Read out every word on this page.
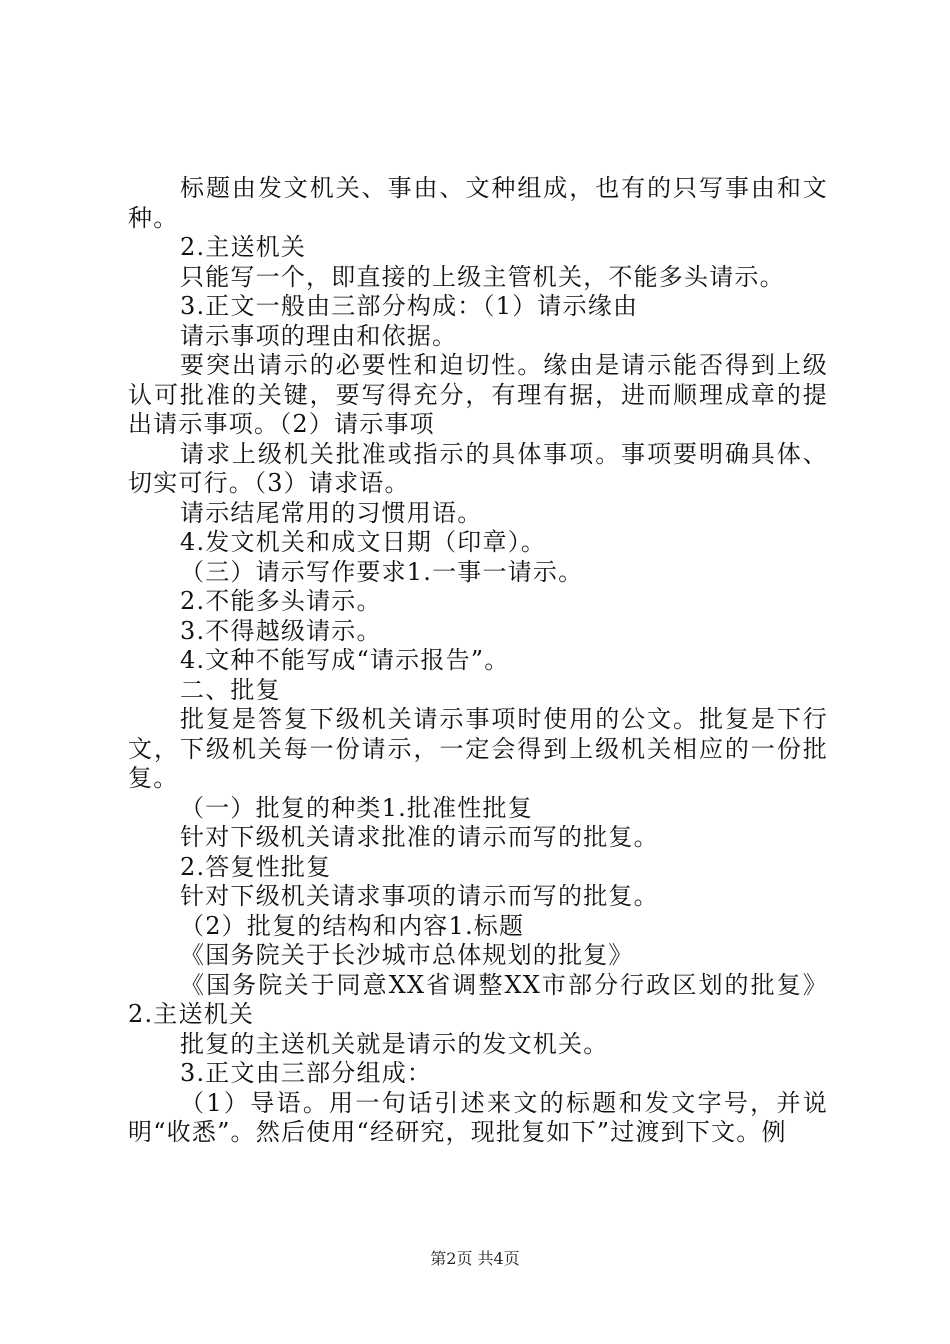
标题由发文机关、事由、文种组成，也有的只写事由和文种。

2.主送机关

只能写一个，即直接的上级主管机关，不能多头请示。

3.正文一般由三部分构成：（1）请示缘由

请示事项的理由和依据。

要突出请示的必要性和迫切性。缘由是请示能否得到上级认可批准的关键，要写得充分，有理有据，进而顺理成章的提出请示事项。（2）请示事项

请求上级机关批准或指示的具体事项。事项要明确具体、切实可行。（3）请求语。

请示结尾常用的习惯用语。

4.发文机关和成文日期（印章）。

（三）请示写作要求1.一事一请示。

2.不能多头请示。

3.不得越级请示。

4.文种不能写成“请示报告”。

二、批复

批复是答复下级机关请示事项时使用的公文。批复是下行文，下级机关每一份请示，一定会得到上级机关相应的一份批复。

（一）批复的种类1.批准性批复

针对下级机关请求批准的请示而写的批复。

2.答复性批复

针对下级机关请求事项的请示而写的批复。

（2）批复的结构和内容1.标题

《国务院关于长沙城市总体规划的批复》

《国务院关于同意XX省调整XX市部分行政区划的批复》2.主送机关

批复的主送机关就是请示的发文机关。

3.正文由三部分组成：

（1）导语。用一句话引述来文的标题和发文字号，并说明“收悉”。然后使用“经研究，现批复如下”过渡到下文。例

第2页 共4页
